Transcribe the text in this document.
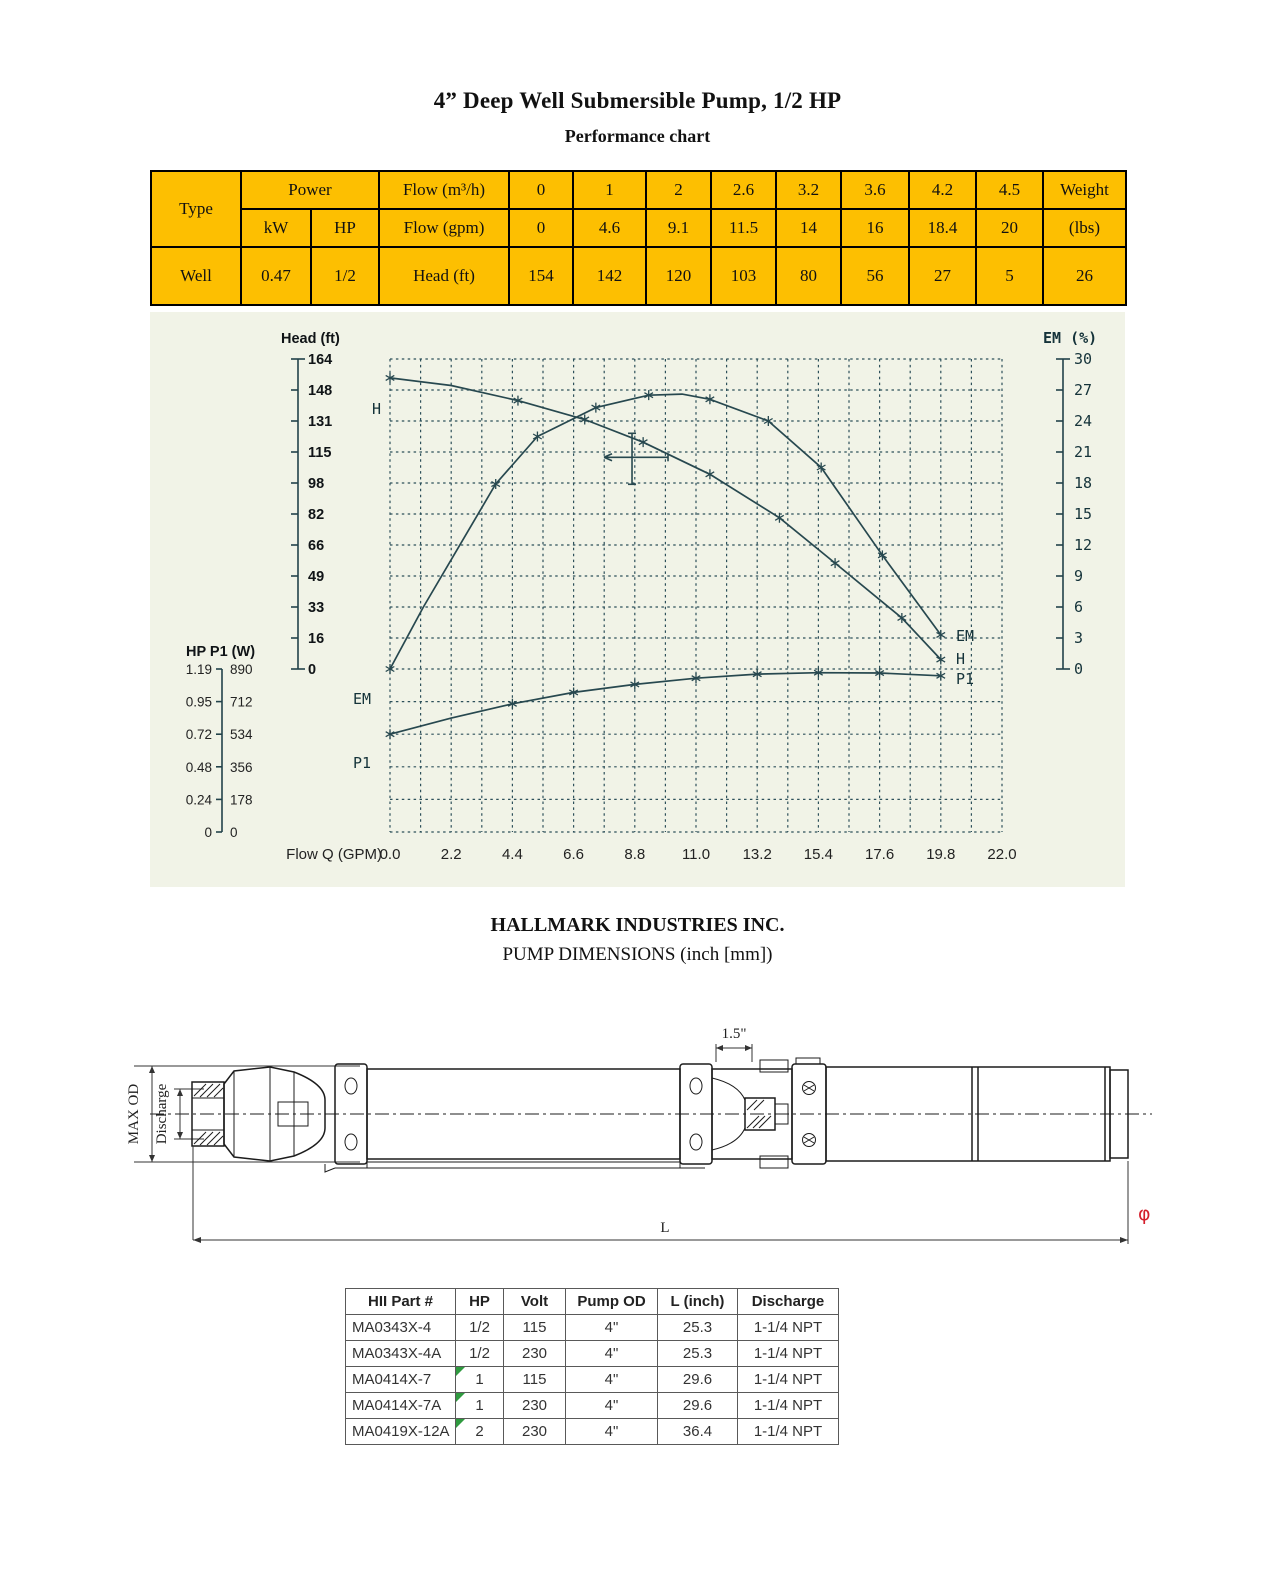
4” Deep Well Submersible Pump, 1/2 HP
Performance chart
Type	Power		Flow (m³/h)	0	1	2	2.6	3.2	3.6	4.2	4.5	Weight
	kW	HP	Flow (gpm)	0	4.6	9.1	11.5	14	16	18.4	20	(lbs)
Well	0.47	1/2	Head (ft)	154	142	120	103	80	56	27	5	26
164
148
131
115
98
82
66
49
33
16
0
Head (ft)
30
27
24
21
18
15
12
9
6
3
0
EM (%)
1.19 890
0.95 712
0.72 534
0.48 356
0.24 178
0 0
HP P1 (W)
0.0	2.2	4.4	6.6	8.8 11.0 13.2 15.4 17.6 19.8 22.0
Flow Q (GPM)
H
EM
P1
EM
H
P1
HALLMARK INDUSTRIES INC.
PUMP DIMENSIONS (inch [mm])
MAX OD Discharge
1.5"
L
φ
HII Part #	HP	Volt	Pump OD	L (inch)	Discharge
MA0343X-4	1/2	115	4"	25.3	1-1/4 NPT
MA0343X-4A	1/2	230	4"	25.3	1-1/4 NPT
MA0414X-7	1	115	4"	29.6	1-1/4 NPT
MA0414X-7A	1	230	4"	29.6	1-1/4 NPT
MA0419X-12A	2	230	4"	36.4	1-1/4 NPT
